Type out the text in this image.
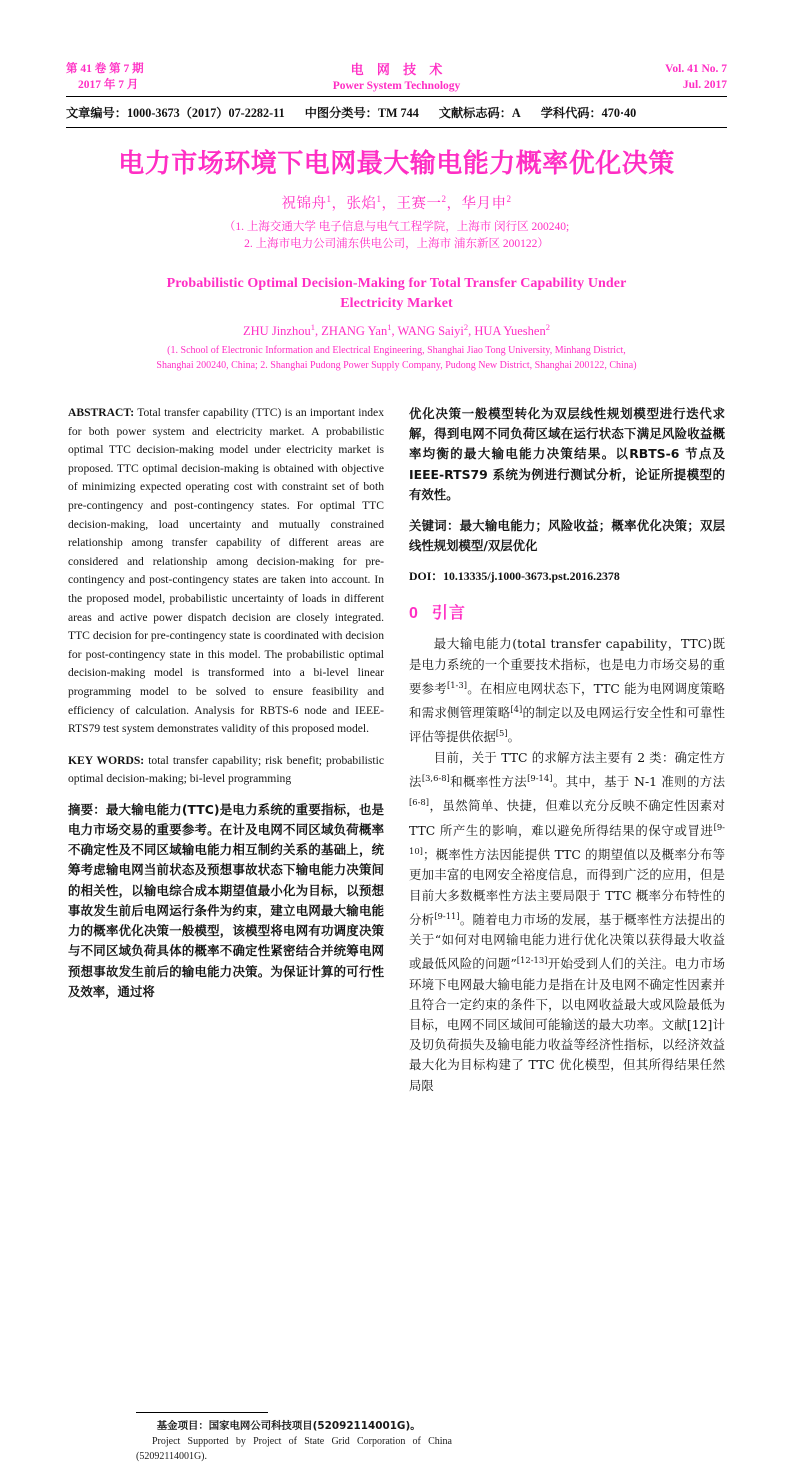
第 41 卷 第 7 期
2017 年 7 月
电 网 技 术
Power System Technology
Vol. 41 No. 7
Jul. 2017
文章编号：1000-3673（2017）07-2282-11 中图分类号：TM 744 文献标志码：A 学科代码：470·40
电力市场环境下电网最大输电能力概率优化决策
祝锦舟$^1$，张焰$^1$，王赛一$^2$，华月申$^2$
（1. 上海交通大学 电子信息与电气工程学院，上海市 闵行区 200240;
2. 上海市电力公司浦东供电公司，上海市 浦东新区 200122）
Probabilistic Optimal Decision-Making for Total Transfer Capability Under
Electricity Market
ZHU Jinzhou$^1$, ZHANG Yan$^1$, WANG Saiyi$^2$, HUA Yueshen$^2$
(1. School of Electronic Information and Electrical Engineering, Shanghai Jiao Tong University, Minhang District,
Shanghai 200240, China; 2. Shanghai Pudong Power Supply Company, Pudong New District, Shanghai 200122, China)

ABSTRACT: Total transfer capability (TTC) is an important index for both power system and electricity market. A probabilistic optimal TTC decision-making model under electricity market is proposed. TTC optimal decision-making is obtained with objective of minimizing expected operating cost with constraint set of both pre-contingency and post-contingency states. For optimal TTC decision-making, load uncertainty and mutually constrained relationship among transfer capability of different areas are considered and relationship among decision-making for pre-contingency and post-contingency states are taken into account. In the proposed model, probabilistic uncertainty of loads in different areas and active power dispatch decision are closely integrated. TTC decision for pre-contingency state is coordinated with decision for post-contingency state in this model. The probabilistic optimal decision-making model is transformed into a bi-level linear programming model to be solved to ensure feasibility and efficiency of calculation. Analysis for RBTS-6 node and IEEE-RTS79 test system demonstrates validity of this proposed model.

KEY WORDS: total transfer capability; risk benefit; probabilistic optimal decision-making; bi-level programming

摘要：最大输电能力(TTC)是电力系统的重要指标，也是电力市场交易的重要参考。在计及电网不同区域负荷概率不确定性及不同区域输电能力相互制约关系的基础上，统筹考虑输电网当前状态及预想事故状态下输电能力决策间的相关性，以输电综合成本期望值最小化为目标，以预想事故发生前后电网运行条件为约束，建立电网最大输电能力的概率优化决策一般模型，该模型将电网有功调度决策与不同区域负荷具体的概率不确定性紧密结合并统筹电网预想事故发生前后的输电能力决策。为保证计算的可行性及效率，通过将

基金项目：国家电网公司科技项目(52092114001G)。
Project Supported by Project of State Grid Corporation of China (52092114001G).

优化决策一般模型转化为双层线性规划模型进行迭代求解，得到电网不同负荷区域在运行状态下满足风险收益概率均衡的最大输电能力决策结果。以RBTS-6 节点及 IEEE-RTS79 系统为例进行测试分析，论证所提模型的有效性。

关键词：最大输电能力；风险收益；概率优化决策；双层线性规划模型/双层优化

DOI：10.13335/j.1000-3673.pst.2016.2378
0 引言

最大输电能力(total transfer capability，TTC)既是电力系统的一个重要技术指标，也是电力市场交易的重要参考[1-3]。在相应电网状态下，TTC 能为电网调度策略和需求侧管理策略[4]的制定以及电网运行安全性和可靠性评估等提供依据[5]。

目前，关于 TTC 的求解方法主要有 2 类：确定性方法[3,6-8]和概率性方法[9-14]。其中，基于 N-1 准则的方法[6-8]，虽然简单、快捷，但难以充分反映不确定性因素对 TTC 所产生的影响，难以避免所得结果的保守或冒进[9-10]；概率性方法因能提供 TTC 的期望值以及概率分布等更加丰富的电网安全裕度信息，而得到广泛的应用，但是目前大多数概率性方法主要局限于 TTC 概率分布特性的分析[9-11]。随着电力市场的发展，基于概率性方法提出的关于“如何对电网输电能力进行优化决策以获得最大收益或最低风险的问题”[12-13]开始受到人们的关注。电力市场环境下电网最大输电能力是指在计及电网不确定性因素并且符合一定约束的条件下，以电网收益最大或风险最低为目标，电网不同区域间可能输送的最大功率。文献[12]计及切负荷损失及输电能力收益等经济性指标，以经济效益最大化为目标构建了 TTC 优化模型，但其所得结果任然局限
